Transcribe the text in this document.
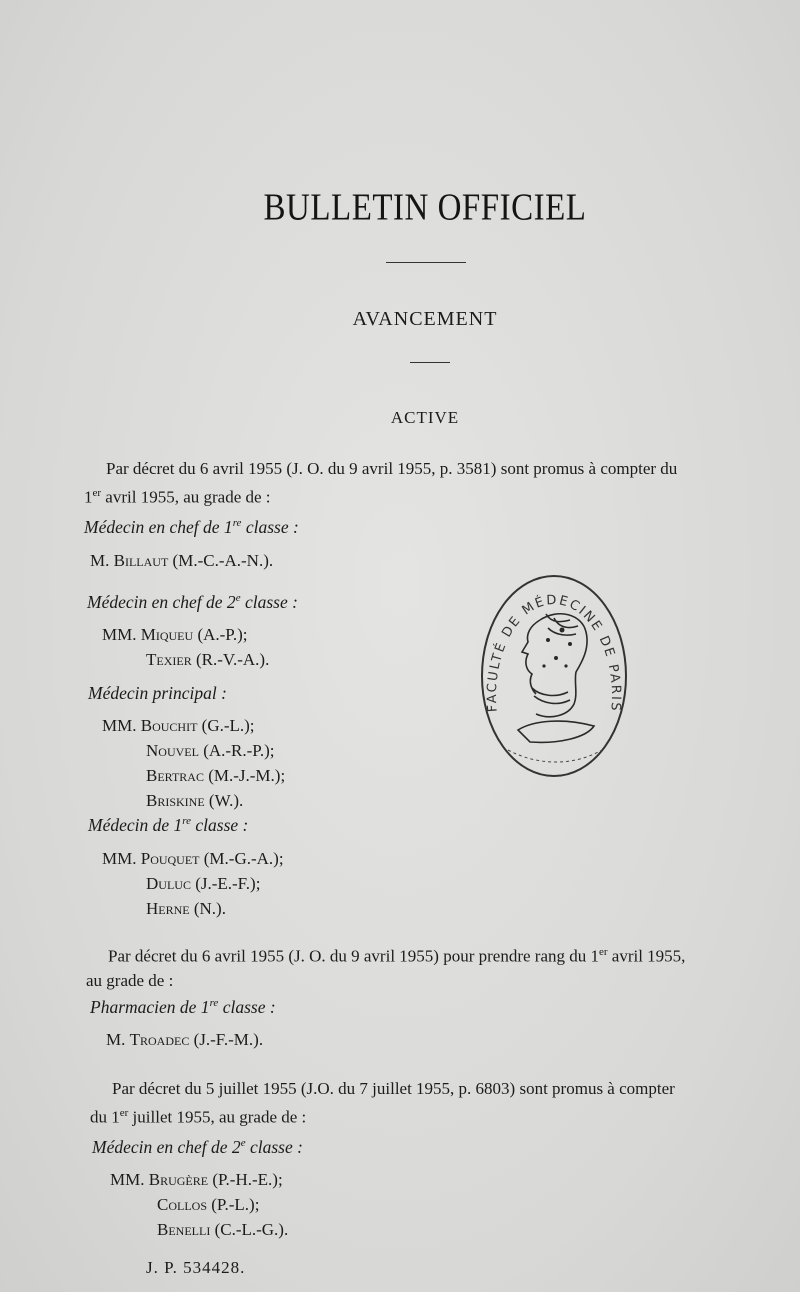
BULLETIN OFFICIEL
AVANCEMENT
ACTIVE
Par décret du 6 avril 1955 (J. O. du 9 avril 1955, p. 3581) sont promus à compter du
1er avril 1955, au grade de :
Médecin en chef de 1re classe :
M. Billaut (M.-C.-A.-N.).
Médecin en chef de 2e classe :
MM. Miqueu (A.-P.);
Texier (R.-V.-A.).
Médecin principal :
MM. Bouchit (G.-L.);
Nouvel (A.-R.-P.);
Bertrac (M.-J.-M.);
Briskine (W.).
Médecin de 1re classe :
MM. Pouquet (M.-G.-A.);
Duluc (J.-E.-F.);
Herne (N.).
Par décret du 6 avril 1955 (J. O. du 9 avril 1955) pour prendre rang du 1er avril 1955,
au grade de :
Pharmacien de 1re classe :
M. Troadec (J.-F.-M.).
Par décret du 5 juillet 1955 (J.O. du 7 juillet 1955, p. 6803) sont promus à compter
du 1er juillet 1955, au grade de :
Médecin en chef de 2e classe :
MM. Brugère (P.-H.-E.);
Collos (P.-L.);
Benelli (C.-L.-G.).
J. P. 534428.
FACULTÉ DE MÉDECINE DE PARIS
